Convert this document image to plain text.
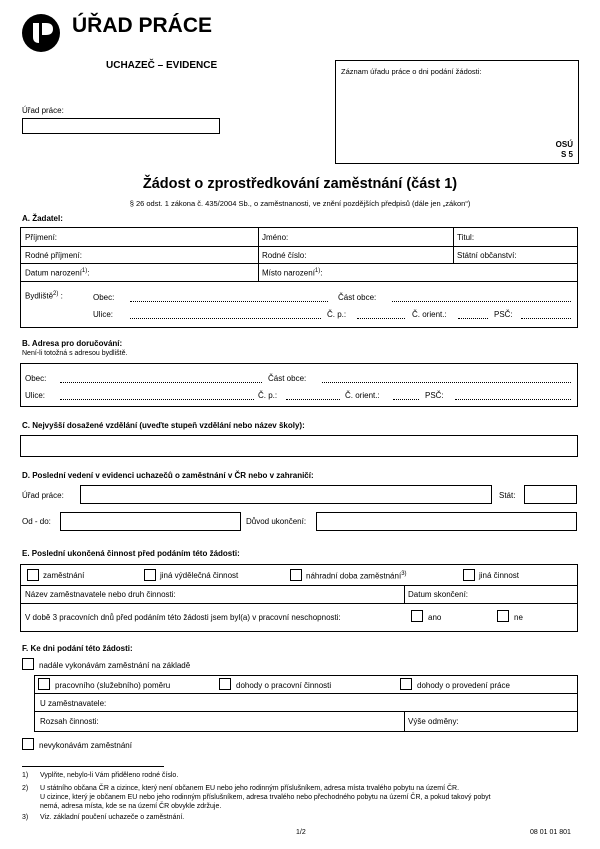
ÚŘAD PRÁCE
UCHAZEČ – EVIDENCE
Úřad práce:
Záznam úřadu práce o dni podání žádosti:
OSÚ
S 5
Žádost o zprostředkování zaměstnání (část 1)
§ 26 odst. 1 zákona č. 435/2004 Sb., o zaměstnanosti, ve znění pozdějších předpisů (dále jen „zákon“)
A. Žadatel:
Příjmení:	Jméno:	Titul:
Rodné příjmení:	Rodné číslo:	Státní občanství:
Datum narození$^{1)}$:	Místo narození$^{1)}$:
Bydliště$^{2)}$ :	Obec:	Část obce:
Ulice:	Č. p.:	Č. orient.:	PSČ:
B. Adresa pro doručování:
Není-li totožná s adresou bydliště.
Obec:	Část obce:
Ulice:	Č. p.:	Č. orient.:	PSČ:
C. Nejvyšší dosažené vzdělání (uveďte stupeň vzdělání nebo název školy):
D. Poslední vedení v evidenci uchazečů o zaměstnání v ČR nebo v zahraničí:
Úřad práce:	Stát:
Od - do:	Důvod ukončení:
E. Poslední ukončená činnost před podáním této žádosti:
zaměstnání	jiná výdělečná činnost	náhradní doba zaměstnání$^{3)}$	jiná činnost
Název zaměstnavatele nebo druh činnosti:	Datum skončení:
V době 3 pracovních dnů před podáním této žádosti jsem byl(a) v pracovní neschopnosti:	ano	ne
F. Ke dni podání této žádosti:
nadále vykonávám zaměstnání na základě
pracovního (služebního) poměru	dohody o pracovní činnosti	dohody o provedení práce
U zaměstnavatele:
Rozsah činnosti:	Výše odměny:
nevykonávám zaměstnání
1) Vyplňte, nebylo-li Vám přiděleno rodné číslo.
2) U státního občana ČR a cizince, který není občanem EU nebo jeho rodinným příslušníkem, adresa místa trvalého pobytu na území ČR.
U cizince, který je občanem EU nebo jeho rodinným příslušníkem, adresa trvalého nebo přechodného pobytu na území ČR, a pokud takový pobyt
nemá, adresa místa, kde se na území ČR obvykle zdržuje.
3) Viz. základní poučení uchazeče o zaměstnání.
1/2	08 01 01 801
